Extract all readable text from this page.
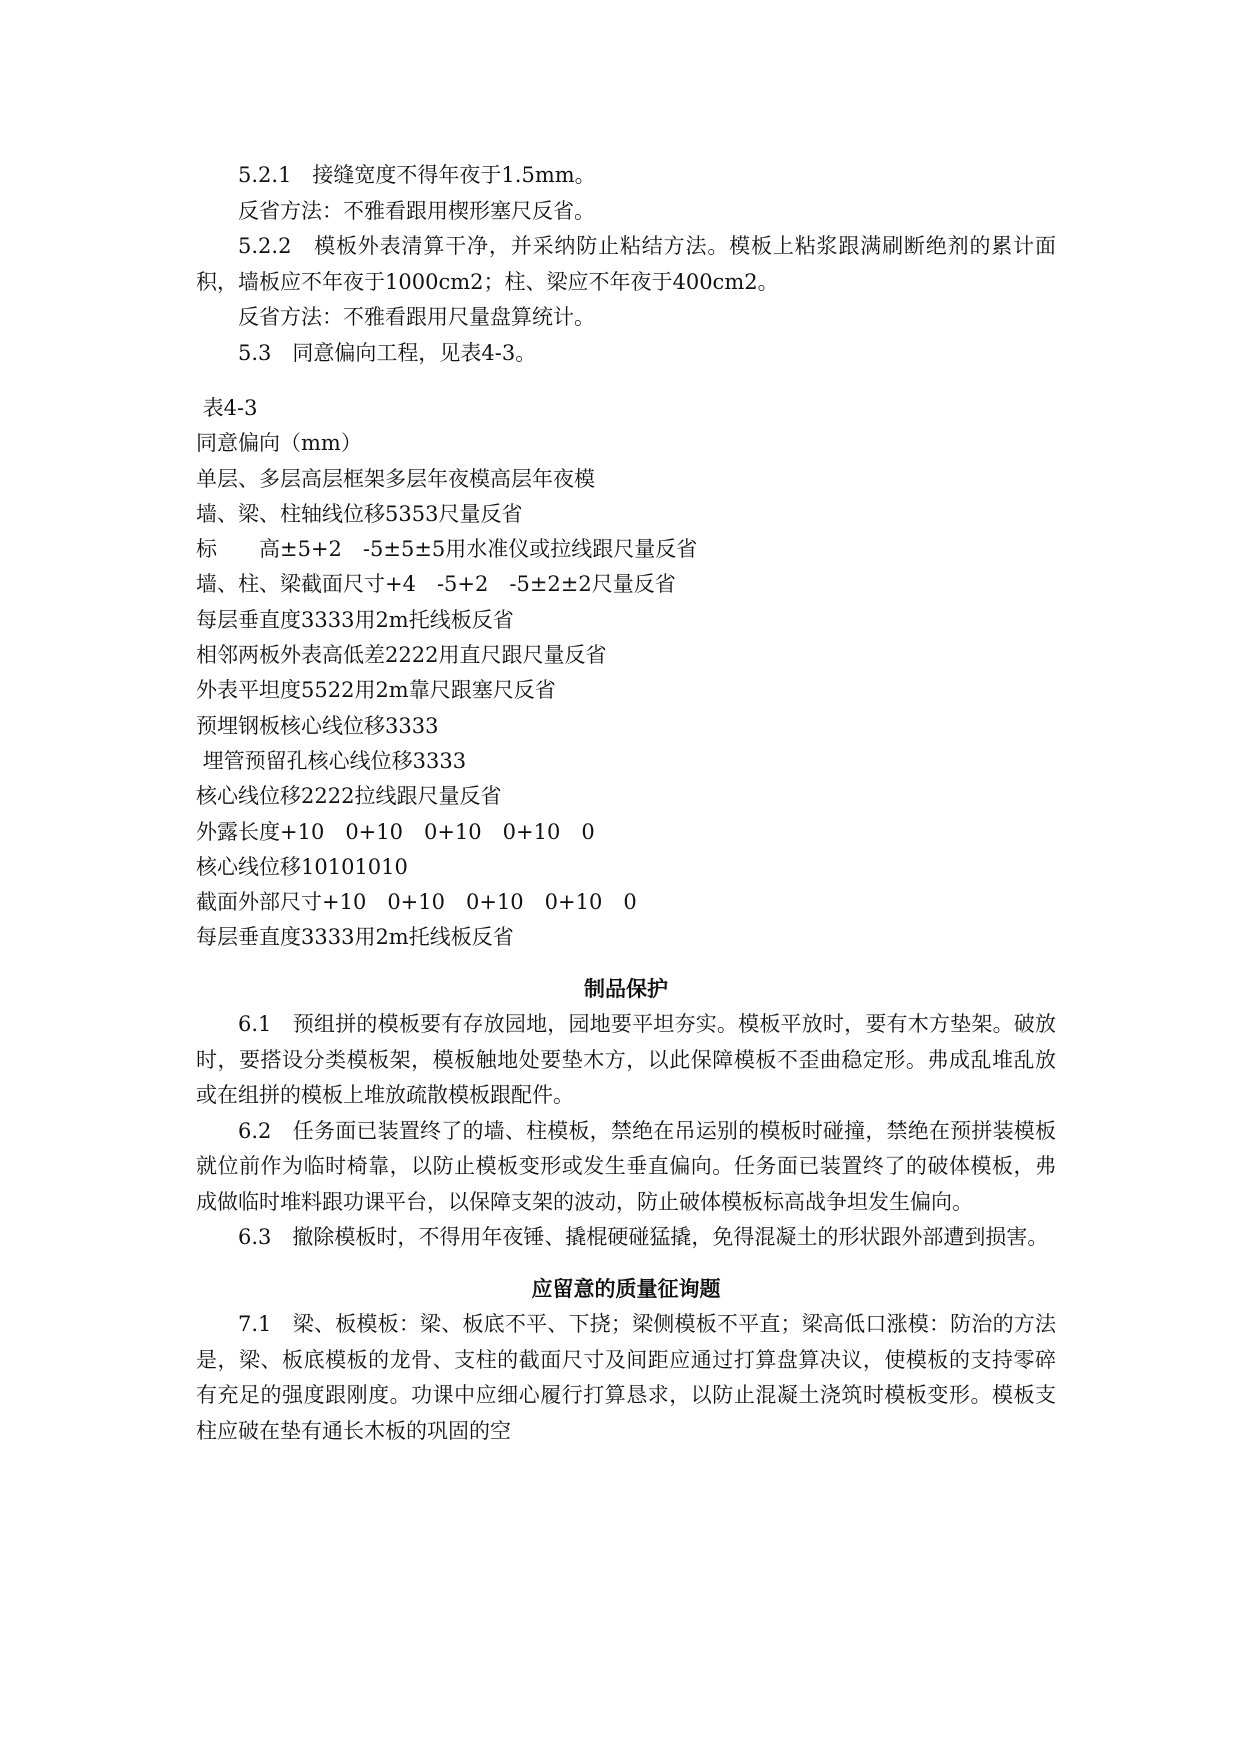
5.2.1　接缝宽度不得年夜于1.5mm。

反省方法：不雅看跟用楔形塞尺反省。

5.2.2　模板外表清算干净，并采纳防止粘结方法。模板上粘浆跟满刷断绝剂的累计面积，墙板应不年夜于1000cm2；柱、梁应不年夜于400cm2。

反省方法：不雅看跟用尺量盘算统计。

5.3　同意偏向工程，见表4-3。

表4-3

同意偏向（mm）

单层、多层高层框架多层年夜模高层年夜模

墙、梁、柱轴线位移5353尺量反省

标　　高±5+2　-5±5±5用水准仪或拉线跟尺量反省

墙、柱、梁截面尺寸+4　-5+2　-5±2±2尺量反省

每层垂直度3333用2m托线板反省

相邻两板外表高低差2222用直尺跟尺量反省

外表平坦度5522用2m靠尺跟塞尺反省

预埋钢板核心线位移3333

埋管预留孔核心线位移3333

核心线位移2222拉线跟尺量反省

外露长度+10　0+10　0+10　0+10　0

核心线位移10101010

截面外部尺寸+10　0+10　0+10　0+10　0

每层垂直度3333用2m托线板反省

制品保护

6.1　预组拼的模板要有存放园地，园地要平坦夯实。模板平放时，要有木方垫架。破放时，要搭设分类模板架，模板触地处要垫木方，以此保障模板不歪曲稳定形。弗成乱堆乱放或在组拼的模板上堆放疏散模板跟配件。

6.2　任务面已装置终了的墙、柱模板，禁绝在吊运别的模板时碰撞，禁绝在预拼装模板就位前作为临时椅靠，以防止模板变形或发生垂直偏向。任务面已装置终了的破体模板，弗成做临时堆料跟功课平台，以保障支架的波动，防止破体模板标高战争坦发生偏向。

6.3　撤除模板时，不得用年夜锤、撬棍硬碰猛撬，免得混凝土的形状跟外部遭到损害。

应留意的质量征询题

7.1　梁、板模板：梁、板底不平、下挠；梁侧模板不平直；梁高低口涨模：防治的方法是，梁、板底模板的龙骨、支柱的截面尺寸及间距应通过打算盘算决议，使模板的支持零碎有充足的强度跟刚度。功课中应细心履行打算恳求，以防止混凝土浇筑时模板变形。模板支柱应破在垫有通长木板的巩固的空
